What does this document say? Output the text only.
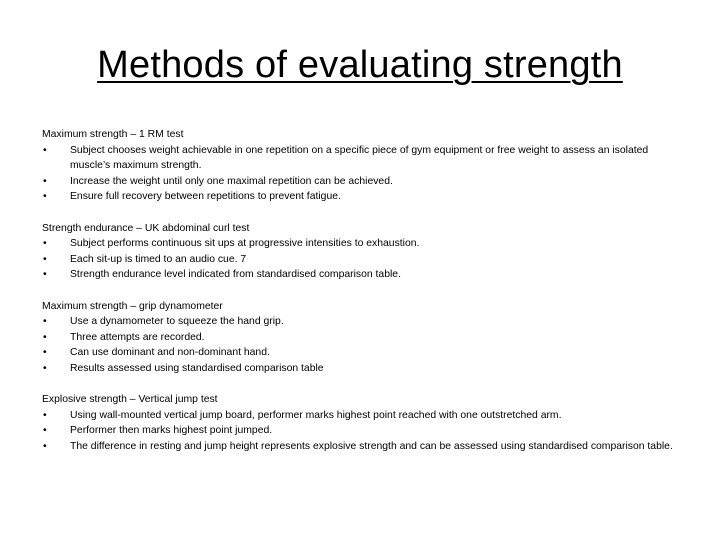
Methods of evaluating strength
Maximum strength – 1 RM test
• Subject chooses weight achievable in one repetition on a specific piece of gym equipment or free weight to assess an isolated muscle’s maximum strength.
• Increase the weight until only one maximal repetition can be achieved.
• Ensure full recovery between repetitions to prevent fatigue.
Strength endurance – UK abdominal curl test
• Subject performs continuous sit ups at progressive intensities to exhaustion.
• Each sit-up is timed to an audio cue. 7
• Strength endurance level indicated from standardised comparison table.
Maximum strength – grip dynamometer
• Use a dynamometer to squeeze the hand grip.
• Three attempts are recorded.
• Can use dominant and non-dominant hand.
• Results assessed using standardised comparison table
Explosive strength – Vertical jump test
• Using wall-mounted vertical jump board, performer marks highest point reached with one outstretched arm.
• Performer then marks highest point jumped.
• The difference in resting and jump height represents explosive strength and can be assessed using standardised comparison table.
